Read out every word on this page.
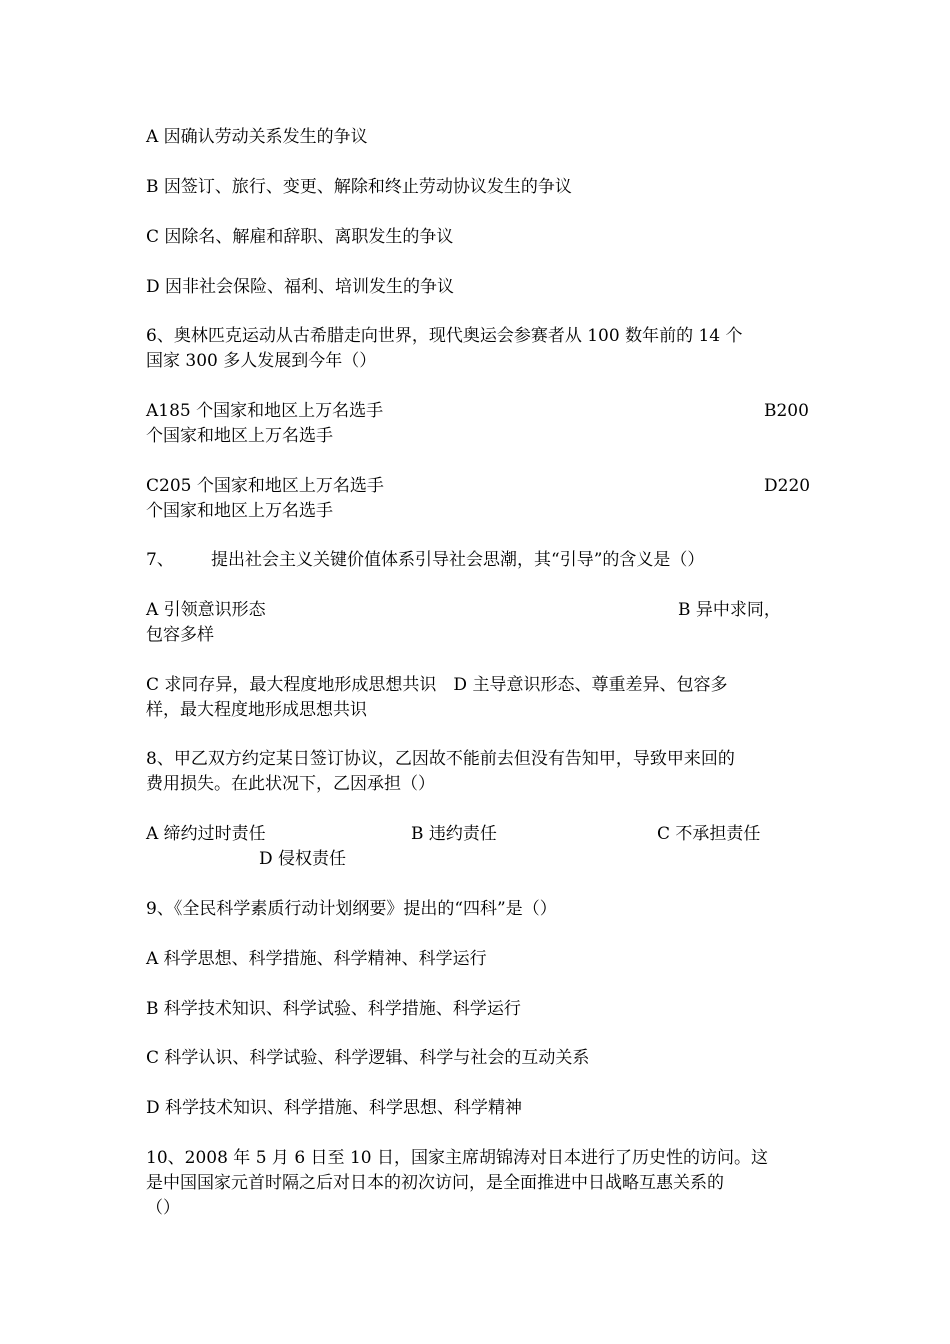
A 因确认劳动关系发生的争议
B 因签订、旅行、变更、解除和终止劳动协议发生的争议
C 因除名、解雇和辞职、离职发生的争议
D 因非社会保险、福利、培训发生的争议
6、奥林匹克运动从古希腊走向世界，现代奥运会参赛者从 100 数年前的 14 个
国家 300 多人发展到今年（）
A185 个国家和地区上万名选手	B200
个国家和地区上万名选手
C205 个国家和地区上万名选手	D220
个国家和地区上万名选手
7、 提出社会主义关键价值体系引导社会思潮，其“引导”的含义是（）
A 引领意识形态	B 异中求同，
包容多样
C 求同存异，最大程度地形成思想共识　D 主导意识形态、尊重差异、包容多
样，最大程度地形成思想共识
8、甲乙双方约定某日签订协议，乙因故不能前去但没有告知甲，导致甲来回的
费用损失。在此状况下，乙因承担（）
A 缔约过时责任	B 违约责任	C 不承担责任
D 侵权责任
9、《全民科学素质行动计划纲要》提出的“四科”是（）
A 科学思想、科学措施、科学精神、科学运行
B 科学技术知识、科学试验、科学措施、科学运行
C 科学认识、科学试验、科学逻辑、科学与社会的互动关系
D 科学技术知识、科学措施、科学思想、科学精神
10、2008 年 5 月 6 日至 10 日，国家主席胡锦涛对日本进行了历史性的访问。这
是中国国家元首时隔之后对日本的初次访问，是全面推进中日战略互惠关系的
（）
